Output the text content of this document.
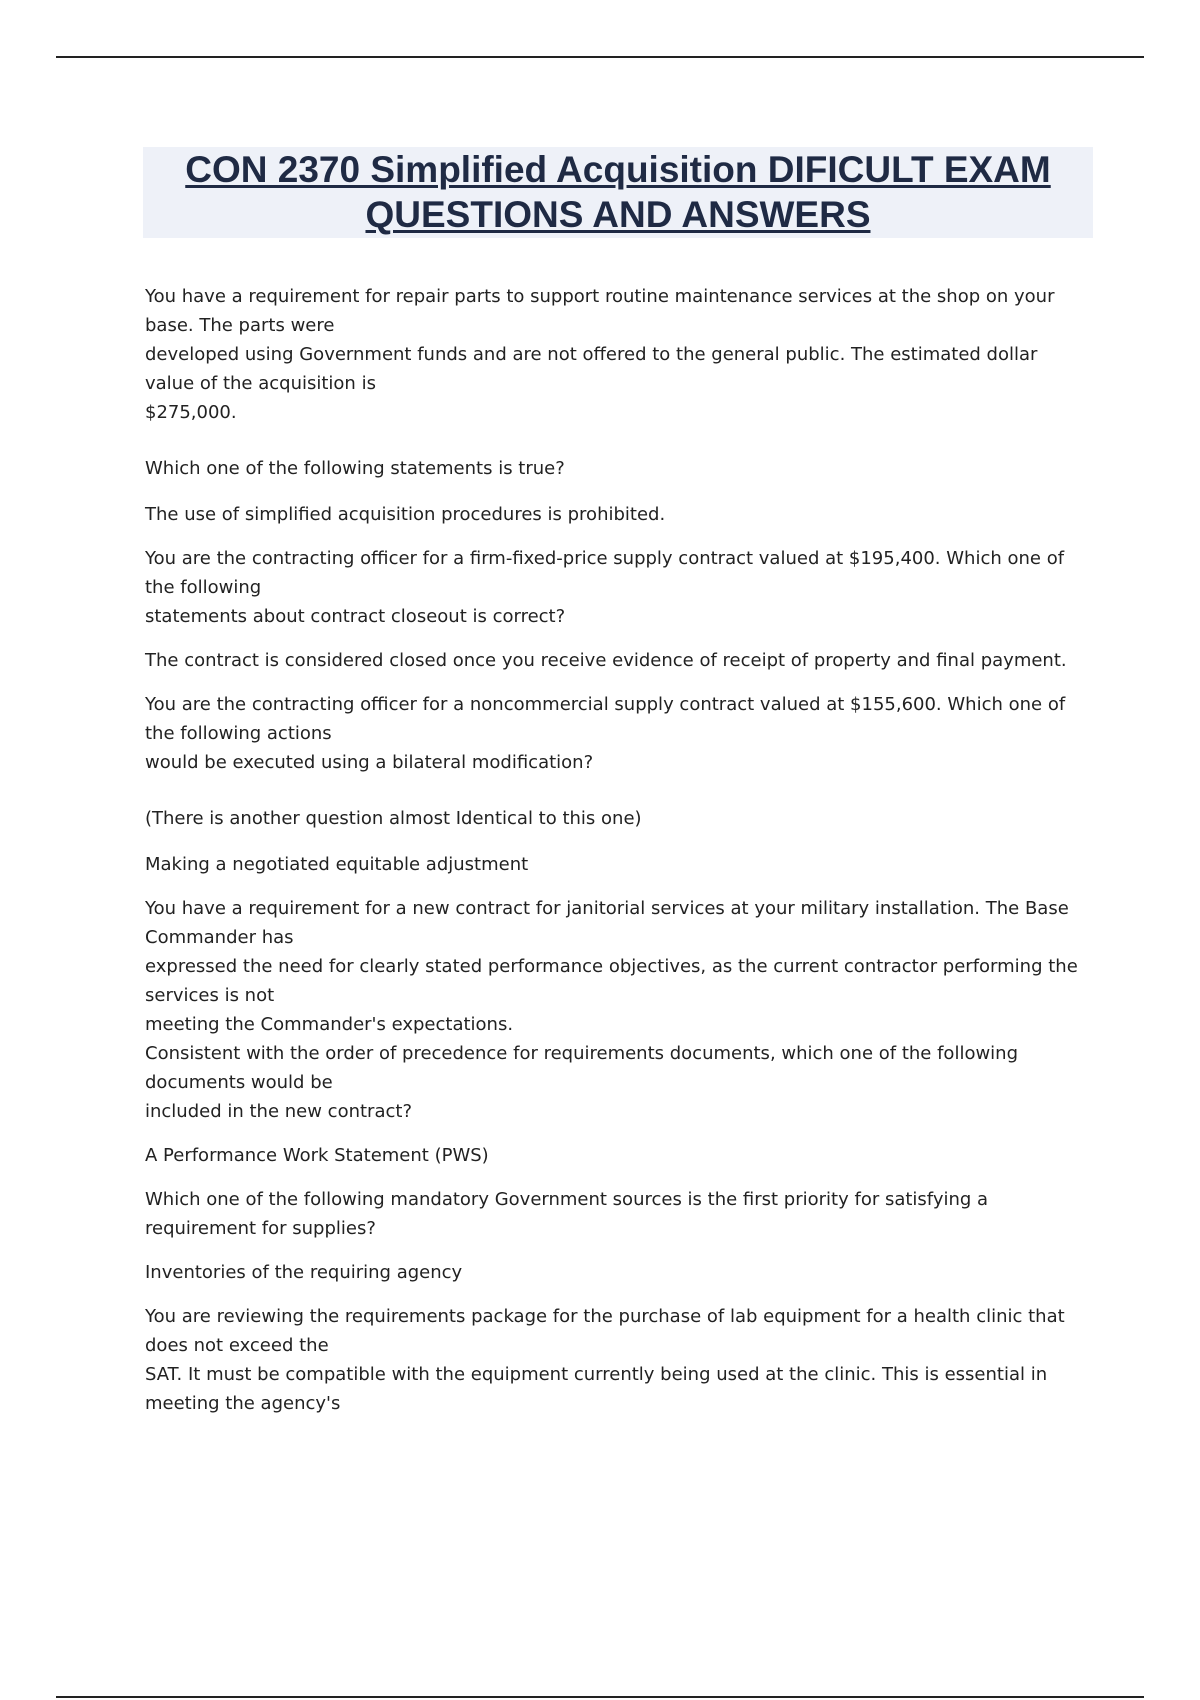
CON 2370 Simplified Acquisition DIFICULT EXAM
QUESTIONS AND ANSWERS

You have a requirement for repair parts to support routine maintenance services at the shop on your
base. The parts were
developed using Government funds and are not offered to the general public. The estimated dollar
value of the acquisition is
$275,000.

Which one of the following statements is true?

The use of simplified acquisition procedures is prohibited.

You are the contracting officer for a firm-fixed-price supply contract valued at $195,400. Which one of
the following
statements about contract closeout is correct?

The contract is considered closed once you receive evidence of receipt of property and final payment.

You are the contracting officer for a noncommercial supply contract valued at $155,600. Which one of
the following actions
would be executed using a bilateral modification?

(There is another question almost Identical to this one)

Making a negotiated equitable adjustment

You have a requirement for a new contract for janitorial services at your military installation. The Base
Commander has
expressed the need for clearly stated performance objectives, as the current contractor performing the
services is not
meeting the Commander's expectations.
Consistent with the order of precedence for requirements documents, which one of the following
documents would be
included in the new contract?

A Performance Work Statement (PWS)

Which one of the following mandatory Government sources is the first priority for satisfying a
requirement for supplies?

Inventories of the requiring agency

You are reviewing the requirements package for the purchase of lab equipment for a health clinic that
does not exceed the
SAT. It must be compatible with the equipment currently being used at the clinic. This is essential in
meeting the agency's
